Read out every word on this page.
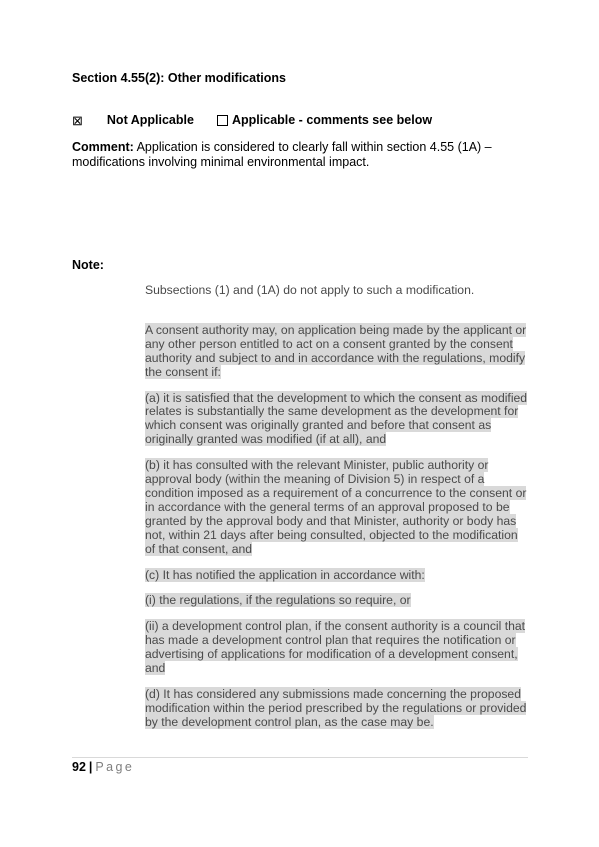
Section 4.55(2): Other modifications
⊠ Not Applicable	Applicable - comments see below
Comment: Application is considered to clearly fall within section 4.55 (1A) – modifications involving minimal environmental impact.
Note:

Subsections (1) and (1A) do not apply to such a modification.

A consent authority may, on application being made by the applicant or any other person entitled to act on a consent granted by the consent authority and subject to and in accordance with the regulations, modify the consent if:

(a) it is satisfied that the development to which the consent as modified relates is substantially the same development as the development for which consent was originally granted and before that consent as originally granted was modified (if at all), and

(b) it has consulted with the relevant Minister, public authority or approval body (within the meaning of Division 5) in respect of a condition imposed as a requirement of a concurrence to the consent or in accordance with the general terms of an approval proposed to be granted by the approval body and that Minister, authority or body has not, within 21 days after being consulted, objected to the modification of that consent, and

(c) It has notified the application in accordance with:

(i) the regulations, if the regulations so require, or

(ii) a development control plan, if the consent authority is a council that has made a development control plan that requires the notification or advertising of applications for modification of a development consent, and

(d) It has considered any submissions made concerning the proposed modification within the period prescribed by the regulations or provided by the development control plan, as the case may be.

92 | Page
